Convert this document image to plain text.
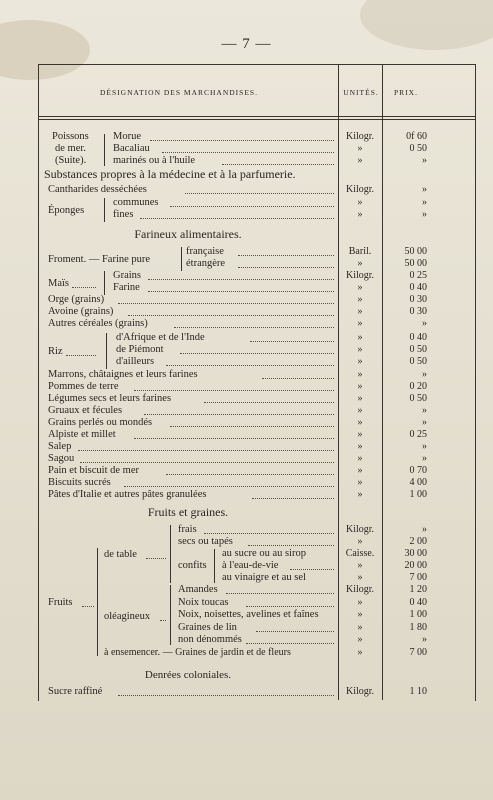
— 7 —
DÉSIGNATION DES MARCHANDISES.	UNITÉS.	PRIX.
Poissons
de mer.
(Suite).
Morue	Kilogr.	0f 60
Bacaliau	»	0 50
marinés ou à l'huile	»	»
Substances propres à la médecine et à la parfumerie.
Cantharides desséchées	Kilogr.	»
Éponges
communes	»	»
fines	»	»
Farineux alimentaires.
Froment. — Farine pure
française	Baril.	50 00
étrangère	»	50 00
Maïs
Grains	Kilogr.	0 25
Farine	»	0 40
Orge (grains)	»	0 30
Avoine (grains)	»	0 30
Autres céréales (grains)	»	»
Riz
d'Afrique et de l'Inde	»	0 40
de Piémont	»	0 50
d'ailleurs	»	0 50
Marrons, châtaignes et leurs farines	»	»
Pommes de terre	»	0 20
Légumes secs et leurs farines	»	0 50
Gruaux et fécules	»	»
Grains perlés ou mondés	»	»
Alpiste et millet	»	0 25
Salep	»	»
Sagou	»	»
Pain et biscuit de mer	»	0 70
Biscuits sucrés	»	4 00
Pâtes d'Italie et autres pâtes granulées	»	1 00
Fruits et graines.
Fruits
de table
frais	Kilogr.	»
secs ou tapés	»	2 00
confits
au sucre ou au sirop	Caisse.	30 00
à l'eau-de-vie	»	20 00
au vinaigre et au sel	»	7 00
oléagineux
Amandes	Kilogr.	1 20
Noix toucas	»	0 40
Noix, noisettes, avelines et faînes	»	1 00
Graines de lin	»	1 80
non dénommés	»	»
à ensemencer. — Graines de jardin et de fleurs	»	7 00
Denrées coloniales.
Sucre raffiné	Kilogr.	1 10
